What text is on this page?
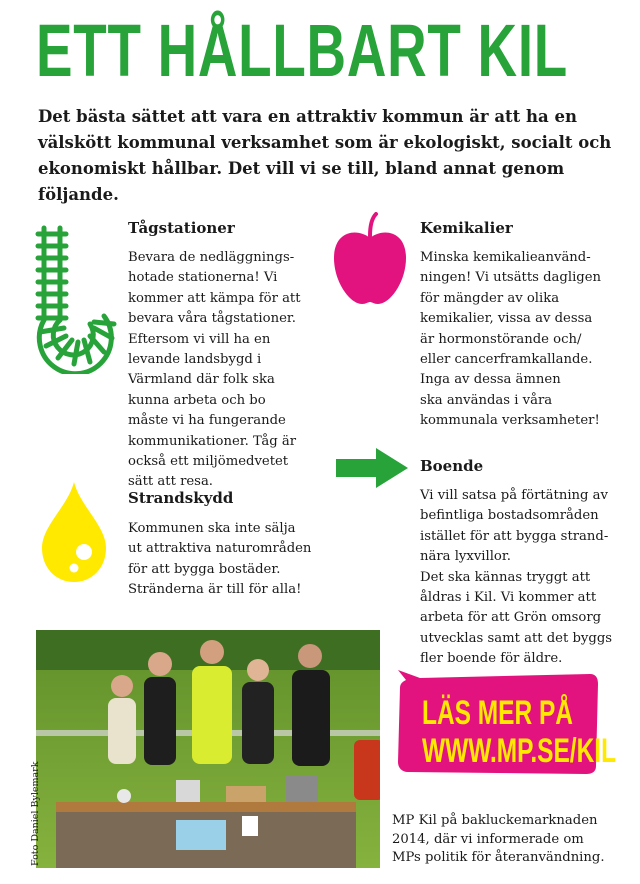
ETT HÅLLBART KIL

Det bästa sättet att vara en attraktiv kommun är att ha en välskött kommunal verksamhet som är ekologiskt, socialt och ekonomiskt hållbar. Det vill vi se till, bland annat genom följande.

Tågstationer
Bevara de nedläggnings-
hotade stationerna! Vi
kommer att kämpa för att
bevara våra tågstationer.
Eftersom vi vill ha en
levande landsbygd i
Värmland där folk ska
kunna arbeta och bo
måste vi ha fungerande
kommunikationer. Tåg är
också ett miljömedvetet
sätt att resa.
Strandskydd
Kommunen ska inte sälja
ut attraktiva naturområden
för att bygga bostäder.
Stränderna är till för alla!
Kemikalier
Minska kemikalieanvänd-
ningen! Vi utsätts dagligen
för mängder av olika
kemikalier, vissa av dessa
är hormonstörande och/
eller cancerframkallande.
Inga av dessa ämnen
ska användas i våra
kommunala verksamheter!
Boende
Vi vill satsa på förtätning av
befintliga bostadsområden
istället för att bygga strand-
nära lyxvillor.
Det ska kännas tryggt att
åldras i Kil. Vi kommer att
arbeta för att Grön omsorg
utvecklas samt att det byggs
fler boende för äldre.
Foto Daniel Bylemark	MP Kil på bakluckemarknaden
2014, där vi informerade om
MPs politik för återanvändning.
LÄS MER PÅ
WWW.MP.SE/KIL
